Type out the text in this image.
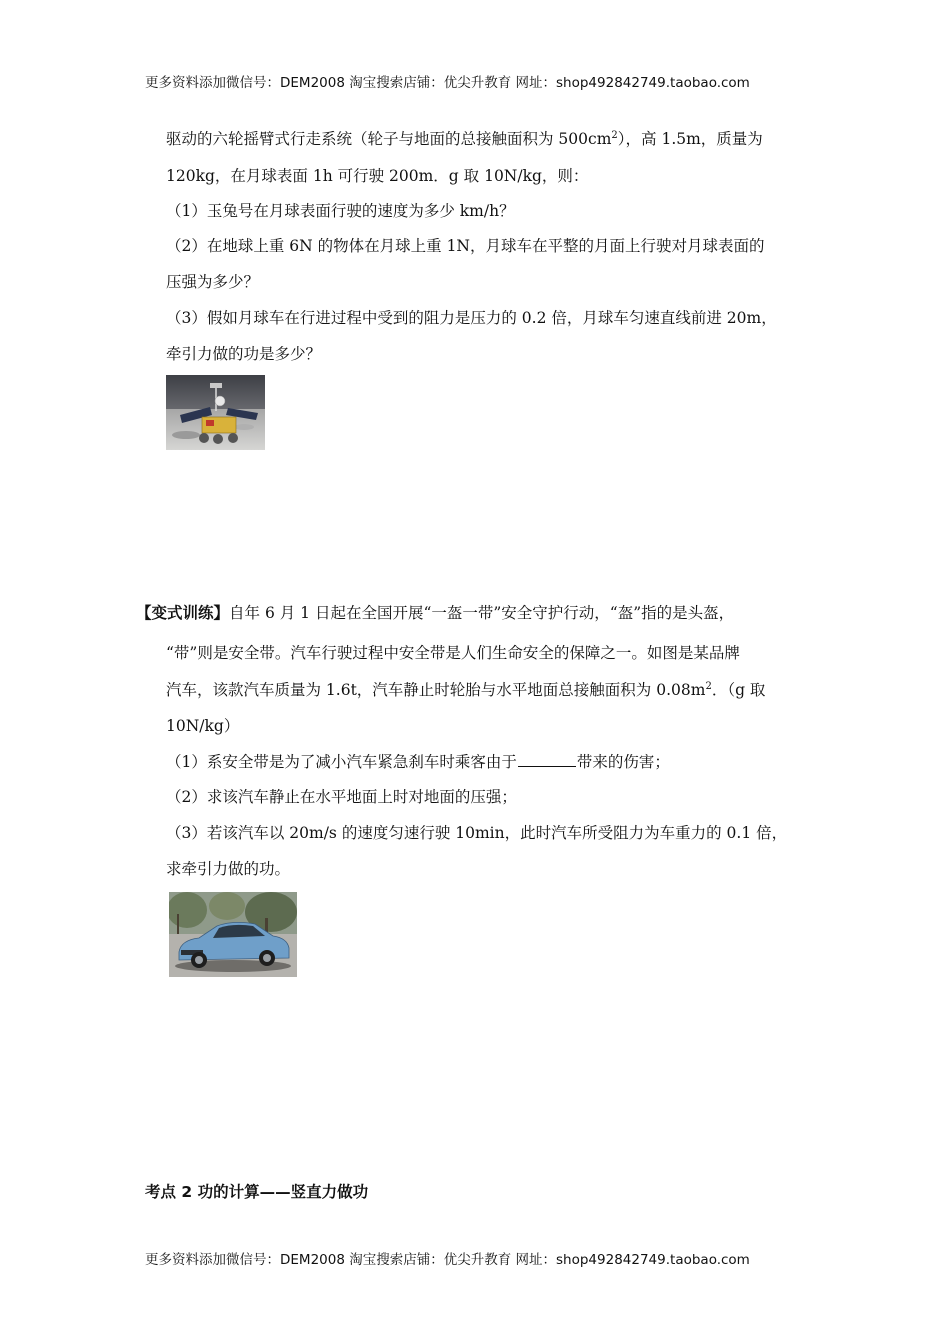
更多资料添加微信号：DEM2008 淘宝搜索店铺：优尖升教育 网址：shop492842749.taobao.com
驱动的六轮摇臂式行走系统（轮子与地面的总接触面积为 $500cm^2$），高 1.5m，质量为
120kg，在月球表面 1h 可行驶 200m．g 取 10N/kg，则：
（1）玉兔号在月球表面行驶的速度为多少 km/h？
（2）在地球上重 6N 的物体在月球上重 1N，月球车在平整的月面上行驶对月球表面的
压强为多少？
（3）假如月球车在行进过程中受到的阻力是压力的 0.2 倍，月球车匀速直线前进 20m，
牵引力做的功是多少？
【变式训练】自年 6 月 1 日起在全国开展“一盔一带”安全守护行动，“盔”指的是头盔，
“带”则是安全带。汽车行驶过程中安全带是人们生命安全的保障之一。如图是某品牌
汽车，该款汽车质量为 1.6t，汽车静止时轮胎与水平地面总接触面积为 $0.08m^2$．（g 取
10N/kg）
（1）系安全带是为了减小汽车紧急刹车时乘客由于	带来的伤害；
（2）求该汽车静止在水平地面上时对地面的压强；
（3）若该汽车以 20m/s 的速度匀速行驶 10min，此时汽车所受阻力为车重力的 0.1 倍，
求牵引力做的功。
考点 2 功的计算——竖直力做功
更多资料添加微信号：DEM2008 淘宝搜索店铺：优尖升教育 网址：shop492842749.taobao.com
